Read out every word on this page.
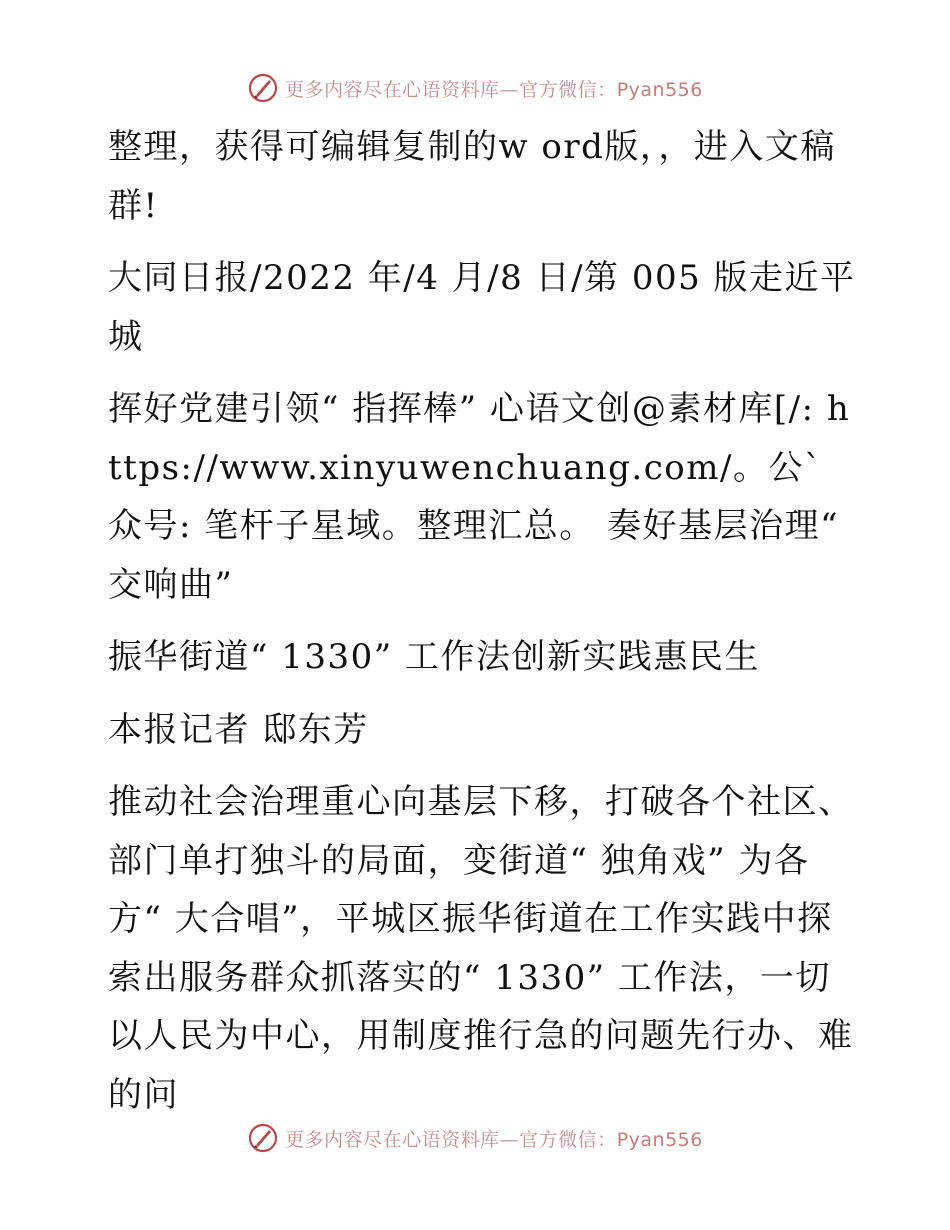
更多内容尽在心语资料库—官方微信：Pyan556

整理，获得可编辑复制的w ord版，，进入文稿群!

大同日报/2022 年/4 月/8 日/第 005 版走近平城

挥好党建引领“ 指挥棒” 心语文创@素材库[/: https://www.xinyuwenchuang.com/。公`众号: 笔杆子星域。整理汇总。 奏好基层治理“ 交响曲”

振华街道“ 1330” 工作法创新实践惠民生

本报记者 邸东芳

推动社会治理重心向基层下移，打破各个社区、部门单打独斗的局面，变街道“ 独角戏” 为各方“ 大合唱”，平城区振华街道在工作实践中探索出服务群众抓落实的“ 1330” 工作法，一切以人民为中心，用制度推行急的问题先行办、难的问

更多内容尽在心语资料库—官方微信：Pyan556
